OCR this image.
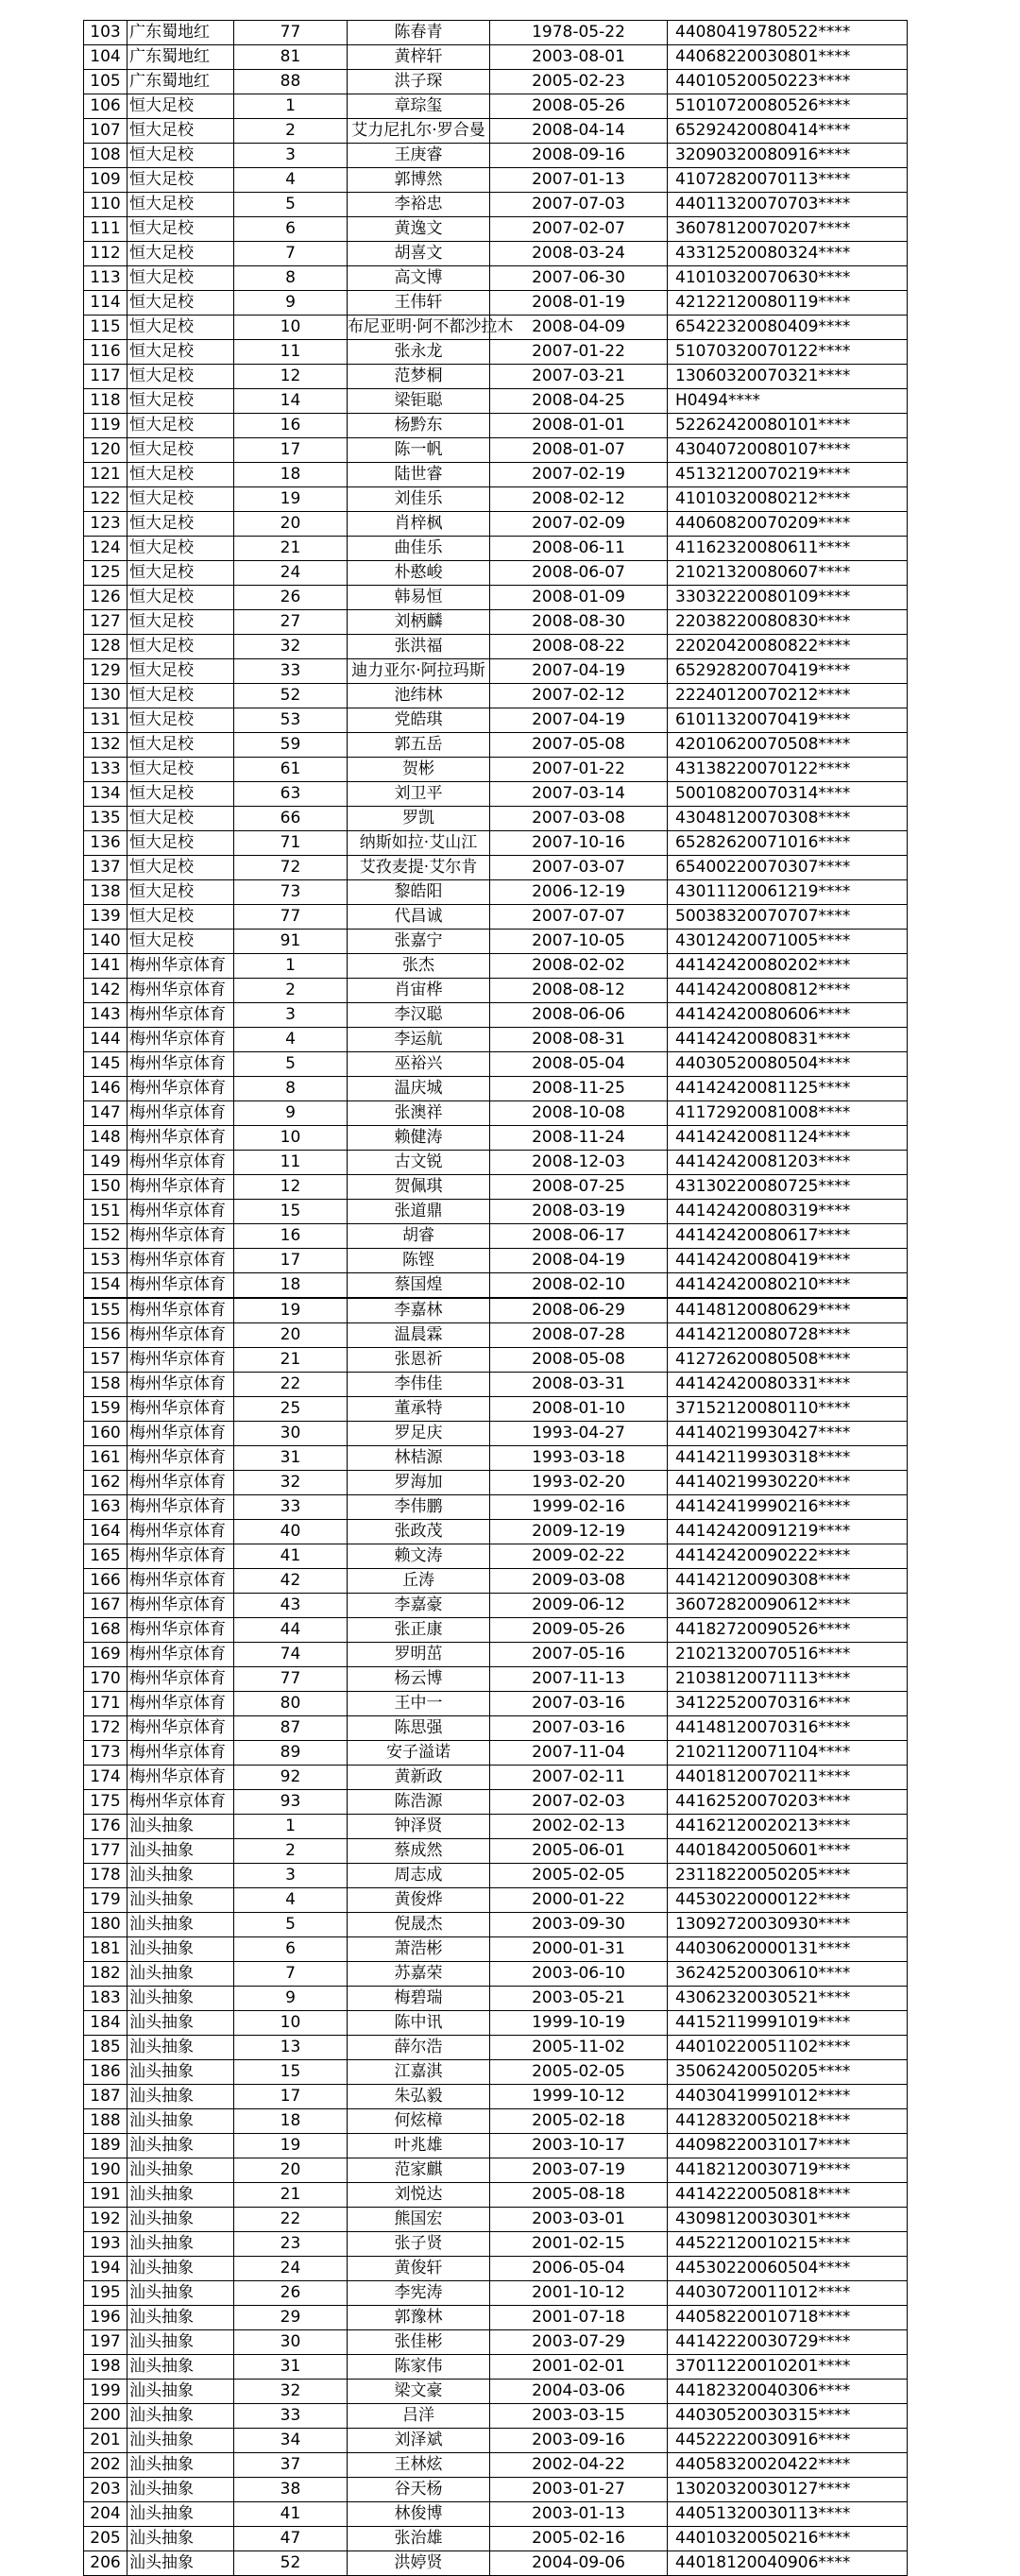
103	广东蜀地红	77	陈春青	1978-05-22	44080419780522****
104	广东蜀地红	81	黄梓轩	2003-08-01	44068220030801****
105	广东蜀地红	88	洪子琛	2005-02-23	44010520050223****
106	恒大足校	1	章琮玺	2008-05-26	51010720080526****
107	恒大足校	2	艾力尼扎尔·罗合曼	2008-04-14	65292420080414****
108	恒大足校	3	王庚睿	2008-09-16	32090320080916****
109	恒大足校	4	郭博然	2007-01-13	41072820070113****
110	恒大足校	5	李裕忠	2007-07-03	44011320070703****
111	恒大足校	6	黄逸文	2007-02-07	36078120070207****
112	恒大足校	7	胡喜文	2008-03-24	43312520080324****
113	恒大足校	8	高文博	2007-06-30	41010320070630****
114	恒大足校	9	王伟轩	2008-01-19	42122120080119****
115	恒大足校	10	布尼亚明·阿不都沙拉木	2008-04-09	65422320080409****
116	恒大足校	11	张永龙	2007-01-22	51070320070122****
117	恒大足校	12	范梦桐	2007-03-21	13060320070321****
118	恒大足校	14	梁钜聪	2008-04-25	H0494****
119	恒大足校	16	杨黔东	2008-01-01	52262420080101****
120	恒大足校	17	陈一帆	2008-01-07	43040720080107****
121	恒大足校	18	陆世睿	2007-02-19	45132120070219****
122	恒大足校	19	刘佳乐	2008-02-12	41010320080212****
123	恒大足校	20	肖梓枫	2007-02-09	44060820070209****
124	恒大足校	21	曲佳乐	2008-06-11	41162320080611****
125	恒大足校	24	朴憨峻	2008-06-07	21021320080607****
126	恒大足校	26	韩易恒	2008-01-09	33032220080109****
127	恒大足校	27	刘柄麟	2008-08-30	22038220080830****
128	恒大足校	32	张洪福	2008-08-22	22020420080822****
129	恒大足校	33	迪力亚尔·阿拉玛斯	2007-04-19	65292820070419****
130	恒大足校	52	池纬林	2007-02-12	22240120070212****
131	恒大足校	53	党皓琪	2007-04-19	61011320070419****
132	恒大足校	59	郭五岳	2007-05-08	42010620070508****
133	恒大足校	61	贺彬	2007-01-22	43138220070122****
134	恒大足校	63	刘卫平	2007-03-14	50010820070314****
135	恒大足校	66	罗凯	2007-03-08	43048120070308****
136	恒大足校	71	纳斯如拉·艾山江	2007-10-16	65282620071016****
137	恒大足校	72	艾孜麦提·艾尔肯	2007-03-07	65400220070307****
138	恒大足校	73	黎皓阳	2006-12-19	43011120061219****
139	恒大足校	77	代昌诚	2007-07-07	50038320070707****
140	恒大足校	91	张嘉宁	2007-10-05	43012420071005****
141	梅州华京体育	1	张杰	2008-02-02	44142420080202****
142	梅州华京体育	2	肖宙桦	2008-08-12	44142420080812****
143	梅州华京体育	3	李汉聪	2008-06-06	44142420080606****
144	梅州华京体育	4	李运航	2008-08-31	44142420080831****
145	梅州华京体育	5	巫裕兴	2008-05-04	44030520080504****
146	梅州华京体育	8	温庆城	2008-11-25	44142420081125****
147	梅州华京体育	9	张澳祥	2008-10-08	41172920081008****
148	梅州华京体育	10	赖健涛	2008-11-24	44142420081124****
149	梅州华京体育	11	古文锐	2008-12-03	44142420081203****
150	梅州华京体育	12	贺佩琪	2008-07-25	43130220080725****
151	梅州华京体育	15	张道鼎	2008-03-19	44142420080319****
152	梅州华京体育	16	胡睿	2008-06-17	44142420080617****
153	梅州华京体育	17	陈铿	2008-04-19	44142420080419****
154	梅州华京体育	18	蔡国煌	2008-02-10	44142420080210****
155	梅州华京体育	19	李嘉林	2008-06-29	44148120080629****
156	梅州华京体育	20	温晨霖	2008-07-28	44142120080728****
157	梅州华京体育	21	张恩祈	2008-05-08	41272620080508****
158	梅州华京体育	22	李伟佳	2008-03-31	44142420080331****
159	梅州华京体育	25	董承特	2008-01-10	37152120080110****
160	梅州华京体育	30	罗足庆	1993-04-27	44140219930427****
161	梅州华京体育	31	林桔源	1993-03-18	44142119930318****
162	梅州华京体育	32	罗海加	1993-02-20	44140219930220****
163	梅州华京体育	33	李伟鹏	1999-02-16	44142419990216****
164	梅州华京体育	40	张政茂	2009-12-19	44142420091219****
165	梅州华京体育	41	赖文涛	2009-02-22	44142420090222****
166	梅州华京体育	42	丘涛	2009-03-08	44142120090308****
167	梅州华京体育	43	李嘉豪	2009-06-12	36072820090612****
168	梅州华京体育	44	张正康	2009-05-26	44182720090526****
169	梅州华京体育	74	罗明茁	2007-05-16	21021320070516****
170	梅州华京体育	77	杨云博	2007-11-13	21038120071113****
171	梅州华京体育	80	王中一	2007-03-16	34122520070316****
172	梅州华京体育	87	陈思强	2007-03-16	44148120070316****
173	梅州华京体育	89	安子溢诺	2007-11-04	21021120071104****
174	梅州华京体育	92	黄新政	2007-02-11	44018120070211****
175	梅州华京体育	93	陈浩源	2007-02-03	44162520070203****
176	汕头抽象	1	钟泽贤	2002-02-13	44162120020213****
177	汕头抽象	2	蔡成然	2005-06-01	44018420050601****
178	汕头抽象	3	周志成	2005-02-05	23118220050205****
179	汕头抽象	4	黄俊烨	2000-01-22	44530220000122****
180	汕头抽象	5	倪晟杰	2003-09-30	13092720030930****
181	汕头抽象	6	萧浩彬	2000-01-31	44030620000131****
182	汕头抽象	7	苏嘉荣	2003-06-10	36242520030610****
183	汕头抽象	9	梅碧瑞	2003-05-21	43062320030521****
184	汕头抽象	10	陈中讯	1999-10-19	44152119991019****
185	汕头抽象	13	薛尔浩	2005-11-02	44010220051102****
186	汕头抽象	15	江嘉淇	2005-02-05	35062420050205****
187	汕头抽象	17	朱弘毅	1999-10-12	44030419991012****
188	汕头抽象	18	何炫樟	2005-02-18	44128320050218****
189	汕头抽象	19	叶兆雄	2003-10-17	44098220031017****
190	汕头抽象	20	范家麒	2003-07-19	44182120030719****
191	汕头抽象	21	刘悦达	2005-08-18	44142220050818****
192	汕头抽象	22	熊国宏	2003-03-01	43098120030301****
193	汕头抽象	23	张子贤	2001-02-15	44522120010215****
194	汕头抽象	24	黄俊轩	2006-05-04	44530220060504****
195	汕头抽象	26	李宪涛	2001-10-12	44030720011012****
196	汕头抽象	29	郭豫林	2001-07-18	44058220010718****
197	汕头抽象	30	张佳彬	2003-07-29	44142220030729****
198	汕头抽象	31	陈家伟	2001-02-01	37011220010201****
199	汕头抽象	32	梁文豪	2004-03-06	44182320040306****
200	汕头抽象	33	吕洋	2003-03-15	44030520030315****
201	汕头抽象	34	刘泽斌	2003-09-16	44522220030916****
202	汕头抽象	37	王林炫	2002-04-22	44058320020422****
203	汕头抽象	38	谷天杨	2003-01-27	13020320030127****
204	汕头抽象	41	林俊博	2003-01-13	44051320030113****
205	汕头抽象	47	张治雄	2005-02-16	44010320050216****
206	汕头抽象	52	洪婷贤	2004-09-06	44018120040906****
